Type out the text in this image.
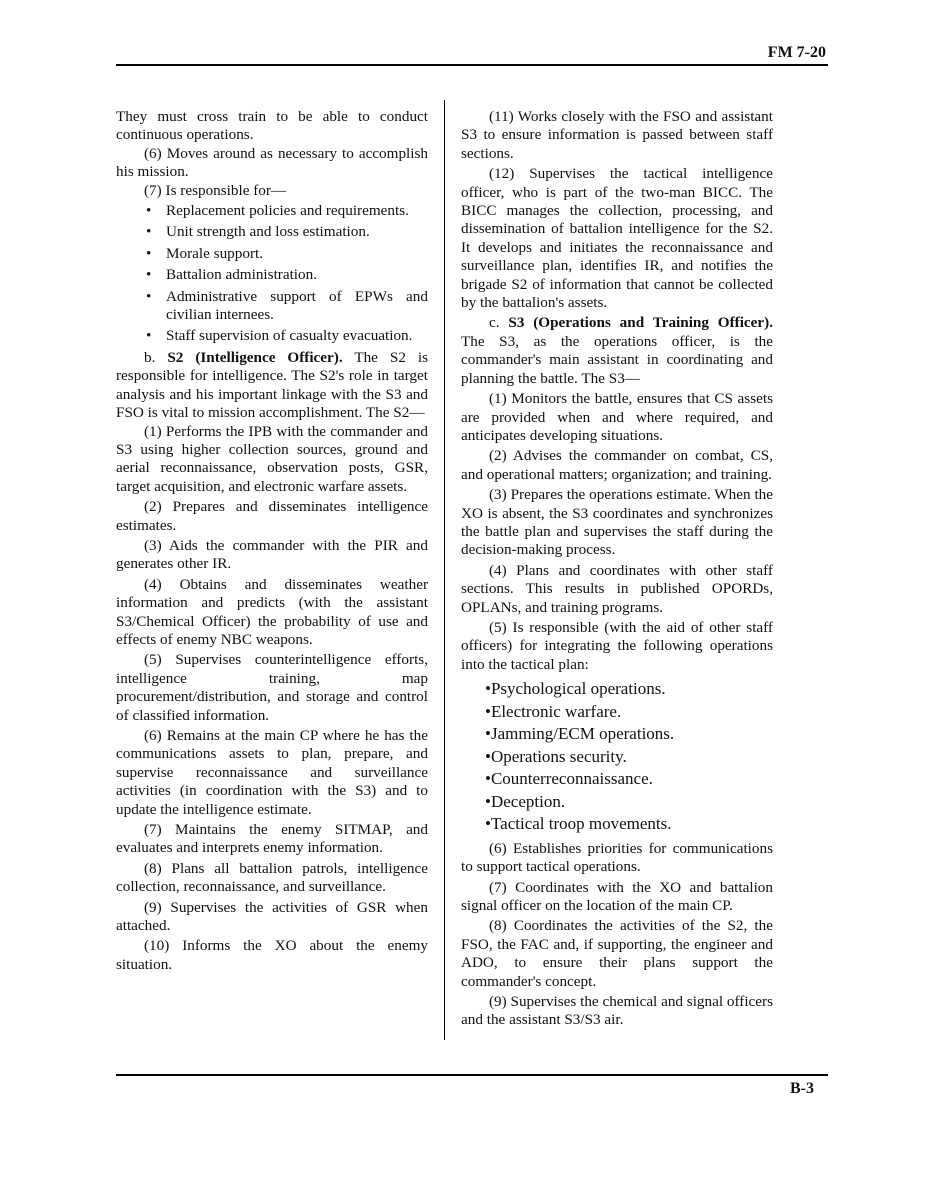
FM 7-20

They must cross train to be able to conduct continuous operations.

(6) Moves around as necessary to accomplish his mission.

(7) Is responsible for—

• Replacement policies and requirements.
• Unit strength and loss estimation.
• Morale support.
• Battalion administration.
• Administrative support of EPWs and civilian internees.
• Staff supervision of casualty evacuation.

b. S2 (Intelligence Officer). The S2 is responsible for intelligence. The S2's role in target analysis and his important linkage with the S3 and FSO is vital to mission accomplishment. The S2—

(1) Performs the IPB with the commander and S3 using higher collection sources, ground and aerial reconnaissance, observation posts, GSR, target acquisition, and electronic warfare assets.

(2) Prepares and disseminates intelligence estimates.

(3) Aids the commander with the PIR and generates other IR.

(4) Obtains and disseminates weather information and predicts (with the assistant S3/Chemical Officer) the probability of use and effects of enemy NBC weapons.

(5) Supervises counterintelligence efforts, intelligence training, map procurement/distribution, and storage and control of classified information.

(6) Remains at the main CP where he has the communications assets to plan, prepare, and supervise reconnaissance and surveillance activities (in coordination with the S3) and to update the intelligence estimate.

(7) Maintains the enemy SITMAP, and evaluates and interprets enemy information.

(8) Plans all battalion patrols, intelligence collection, reconnaissance, and surveillance.

(9) Supervises the activities of GSR when attached.

(10) Informs the XO about the enemy situation.

(11) Works closely with the FSO and assistant S3 to ensure information is passed between staff sections.

(12) Supervises the tactical intelligence officer, who is part of the two-man BICC. The BICC manages the collection, processing, and dissemination of battalion intelligence for the S2. It develops and initiates the reconnaissance and surveillance plan, identifies IR, and notifies the brigade S2 of information that cannot be collected by the battalion's assets.

c. S3 (Operations and Training Officer). The S3, as the operations officer, is the commander's main assistant in coordinating and planning the battle. The S3—

(1) Monitors the battle, ensures that CS assets are provided when and where required, and anticipates developing situations.

(2) Advises the commander on combat, CS, and operational matters; organization; and training.

(3) Prepares the operations estimate. When the XO is absent, the S3 coordinates and synchronizes the battle plan and supervises the staff during the decision-making process.

(4) Plans and coordinates with other staff sections. This results in published OPORDs, OPLANs, and training programs.

(5) Is responsible (with the aid of other staff officers) for integrating the following operations into the tactical plan:

• Psychological operations.
• Electronic warfare.
• Jamming/ECM operations.
• Operations security.
• Counterreconnaissance.
• Deception.
• Tactical troop movements.

(6) Establishes priorities for communications to support tactical operations.

(7) Coordinates with the XO and battalion signal officer on the location of the main CP.

(8) Coordinates the activities of the S2, the FSO, the FAC and, if supporting, the engineer and ADO, to ensure their plans support the commander's concept.

(9) Supervises the chemical and signal officers and the assistant S3/S3 air.

B-3
